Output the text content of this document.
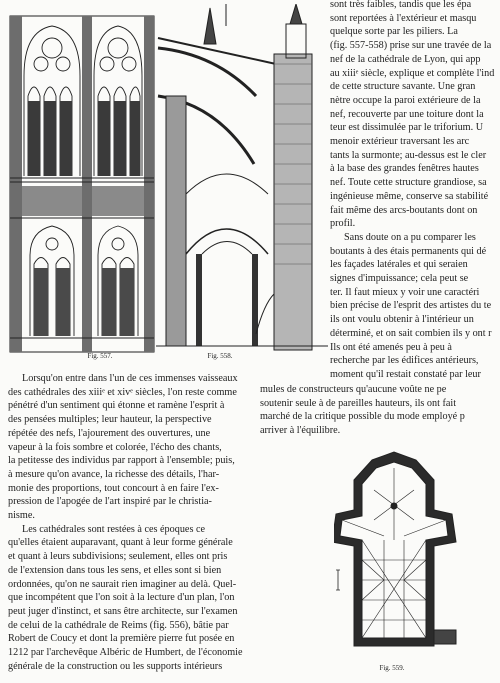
Fig. 557.	Fig. 558.
sont très faibles, tandis que les épa
sont reportées à l'extérieur et masqu
quelque sorte par les piliers. La
(fig. 557-558) prise sur une travée de la
nef de la cathédrale de Lyon, qui app
au xiiiᵉ siècle, explique et complète l'ind
de cette structure savante. Une gran
nètre occupe la paroi extérieure de la
nef, recouverte par une toiture dont la
teur est dissimulée par le triforium. U
menoir extérieur traversant les arc
tants la surmonte; au-dessus est le cler
à la base des grandes fenêtres hautes
nef. Toute cette structure grandiose, sa
ingénieuse même, conserve sa stabilité
fait même des arcs-boutants dont on
profil.
Sans doute on a pu comparer les
boutants à des étais permanents qui dé
les façades latérales et qui seraien
signes d'impuissance; cela peut se
ter. Il faut mieux y voir une caractéri
bien précise de l'esprit des artistes du te
ils ont voulu obtenir à l'intérieur un
déterminé, et on sait combien ils y ont r
Ils ont été amenés peu à peu à
recherche par les édifices antérieurs,
moment qu'il restait constaté par leur
Lorsqu'on entre dans l'un de ces immenses vaisseaux
des cathédrales des xiiiᵉ et xivᵉ siècles, l'on reste comme
pénétré d'un sentiment qui étonne et ramène l'esprit à
des pensées multiples; leur hauteur, la perspective
répétée des nefs, l'ajourement des ouvertures, une
vapeur à la fois sombre et colorée, l'écho des chants,
la petitesse des individus par rapport à l'ensemble; puis,
à mesure qu'on avance, la richesse des détails, l'har-
monie des proportions, tout concourt à en faire l'ex-
pression de l'apogée de l'art inspiré par le christia-
nisme.
Les cathédrales sont restées à ces époques ce
qu'elles étaient auparavant, quant à leur forme générale
et quant à leurs subdivisions; seulement, elles ont pris
de l'extension dans tous les sens, et elles sont si bien
ordonnées, qu'on ne saurait rien imaginer au delà. Quel-
que incompétent que l'on soit à la lecture d'un plan, l'on
peut juger d'instinct, et sans être architecte, sur l'examen
de celui de la cathédrale de Reims (fig. 556), bâtie par
Robert de Coucy et dont la première pierre fut posée en
1212 par l'archevêque Albéric de Humbert, de l'économie
générale de la construction ou les supports intérieurs
mules de constructeurs qu'aucune voûte ne pe
soutenir seule à de pareilles hauteurs, ils ont fait
marché de la critique possible du mode employé p
arriver à l'équilibre.
Fig. 559.
